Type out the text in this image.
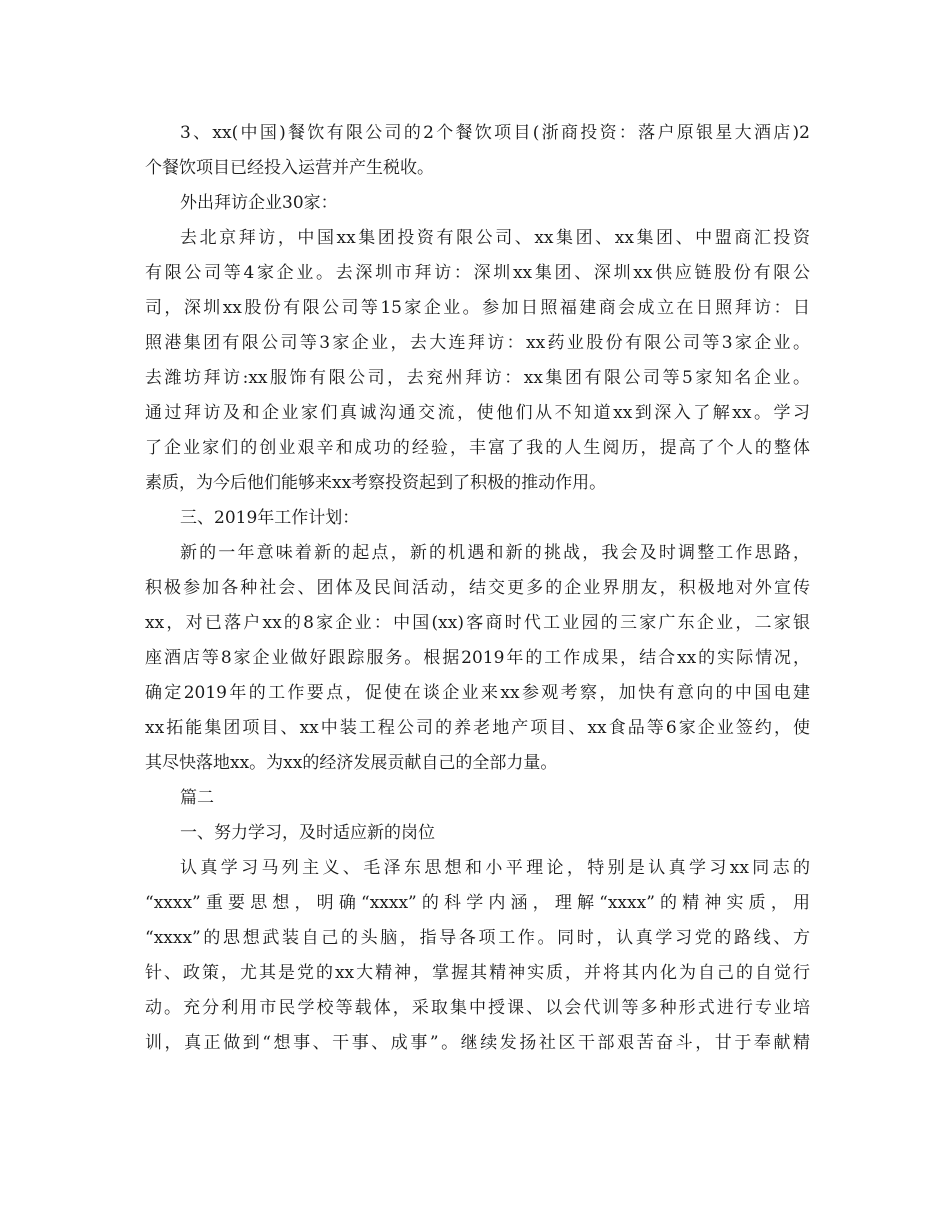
3、xx(中国)餐饮有限公司的2个餐饮项目(浙商投资：落户原银星大酒店)2
个餐饮项目已经投入运营并产生税收。
外出拜访企业30家：
去北京拜访，中国xx集团投资有限公司、xx集团、xx集团、中盟商汇投资
有限公司等4家企业。去深圳市拜访：深圳xx集团、深圳xx供应链股份有限公
司，深圳xx股份有限公司等15家企业。参加日照福建商会成立在日照拜访：日
照港集团有限公司等3家企业，去大连拜访：xx药业股份有限公司等3家企业。
去潍坊拜访:xx服饰有限公司，去兖州拜访：xx集团有限公司等5家知名企业。
通过拜访及和企业家们真诚沟通交流，使他们从不知道xx到深入了解xx。学习
了企业家们的创业艰辛和成功的经验，丰富了我的人生阅历，提高了个人的整体
素质，为今后他们能够来xx考察投资起到了积极的推动作用。
三、2019年工作计划：
新的一年意味着新的起点，新的机遇和新的挑战，我会及时调整工作思路，
积极参加各种社会、团体及民间活动，结交更多的企业界朋友，积极地对外宣传
xx，对已落户xx的8家企业：中国(xx)客商时代工业园的三家广东企业，二家银
座酒店等8家企业做好跟踪服务。根据2019年的工作成果，结合xx的实际情况，
确定2019年的工作要点，促使在谈企业来xx参观考察，加快有意向的中国电建
xx拓能集团项目、xx中装工程公司的养老地产项目、xx食品等6家企业签约，使
其尽快落地xx。为xx的经济发展贡献自己的全部力量。
篇二
一、努力学习，及时适应新的岗位
认真学习马列主义、毛泽东思想和小平理论，特别是认真学习xx同志的
“xxxx”重要思想，明确“xxxx”的科学内涵，理解“xxxx”的精神实质，用
“xxxx”的思想武装自己的头脑，指导各项工作。同时，认真学习党的路线、方
针、政策，尤其是党的xx大精神，掌握其精神实质，并将其内化为自己的自觉行
动。充分利用市民学校等载体，采取集中授课、以会代训等多种形式进行专业培
训，真正做到“想事、干事、成事”。继续发扬社区干部艰苦奋斗，甘于奉献精
